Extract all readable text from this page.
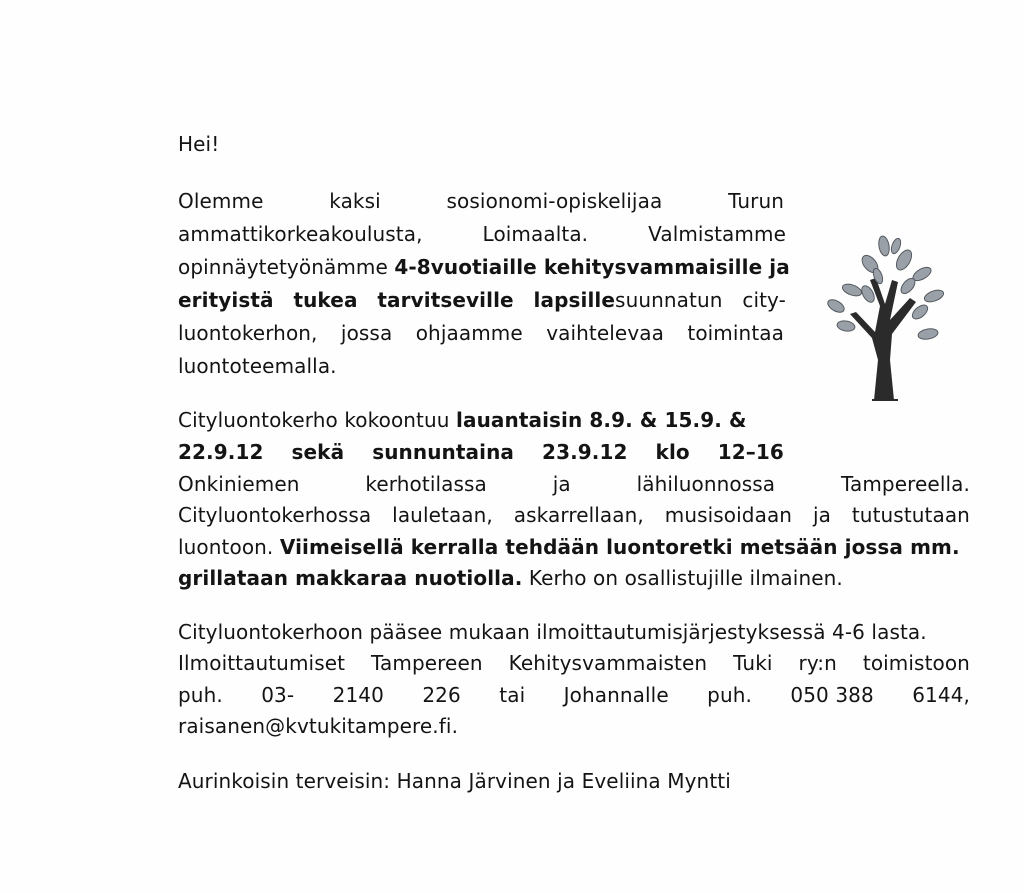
Hei!
Olemme	kaksi	sosionomi-opiskelijaa	Turun
ammattikorkeakoulusta,	Loimaalta.	Valmistamme
opinnäytetyönämme 4-8vuotiaille kehitysvammaisille ja
erityistä tukea tarvitseville lapsillesuunnatun city-
luontokerhon, jossa ohjaamme vaihtelevaa toimintaa
luontoteemalla.
Cityluontokerho kokoontuu lauantaisin 8.9. & 15.9. &
22.9.12 sekä sunnuntaina 23.9.12 klo 12–16
Onkiniemen	kerhotilassa	ja	lähiluonnossa	Tampereella.
Cityluontokerhossa lauletaan, askarrellaan, musisoidaan ja tutustutaan
luontoon. Viimeisellä kerralla tehdään luontoretki metsään jossa mm.
grillataan makkaraa nuotiolla. Kerho on osallistujille ilmainen.
Cityluontokerhoon pääsee mukaan ilmoittautumisjärjestyksessä 4-6 lasta.
Ilmoittautumiset Tampereen Kehitysvammaisten Tuki ry:n toimistoon
puh. 03- 2140 226 tai Johannalle puh. 050 388 6144,
raisanen@kvtukitampere.fi.
Aurinkoisin terveisin: Hanna Järvinen ja Eveliina Myntti
